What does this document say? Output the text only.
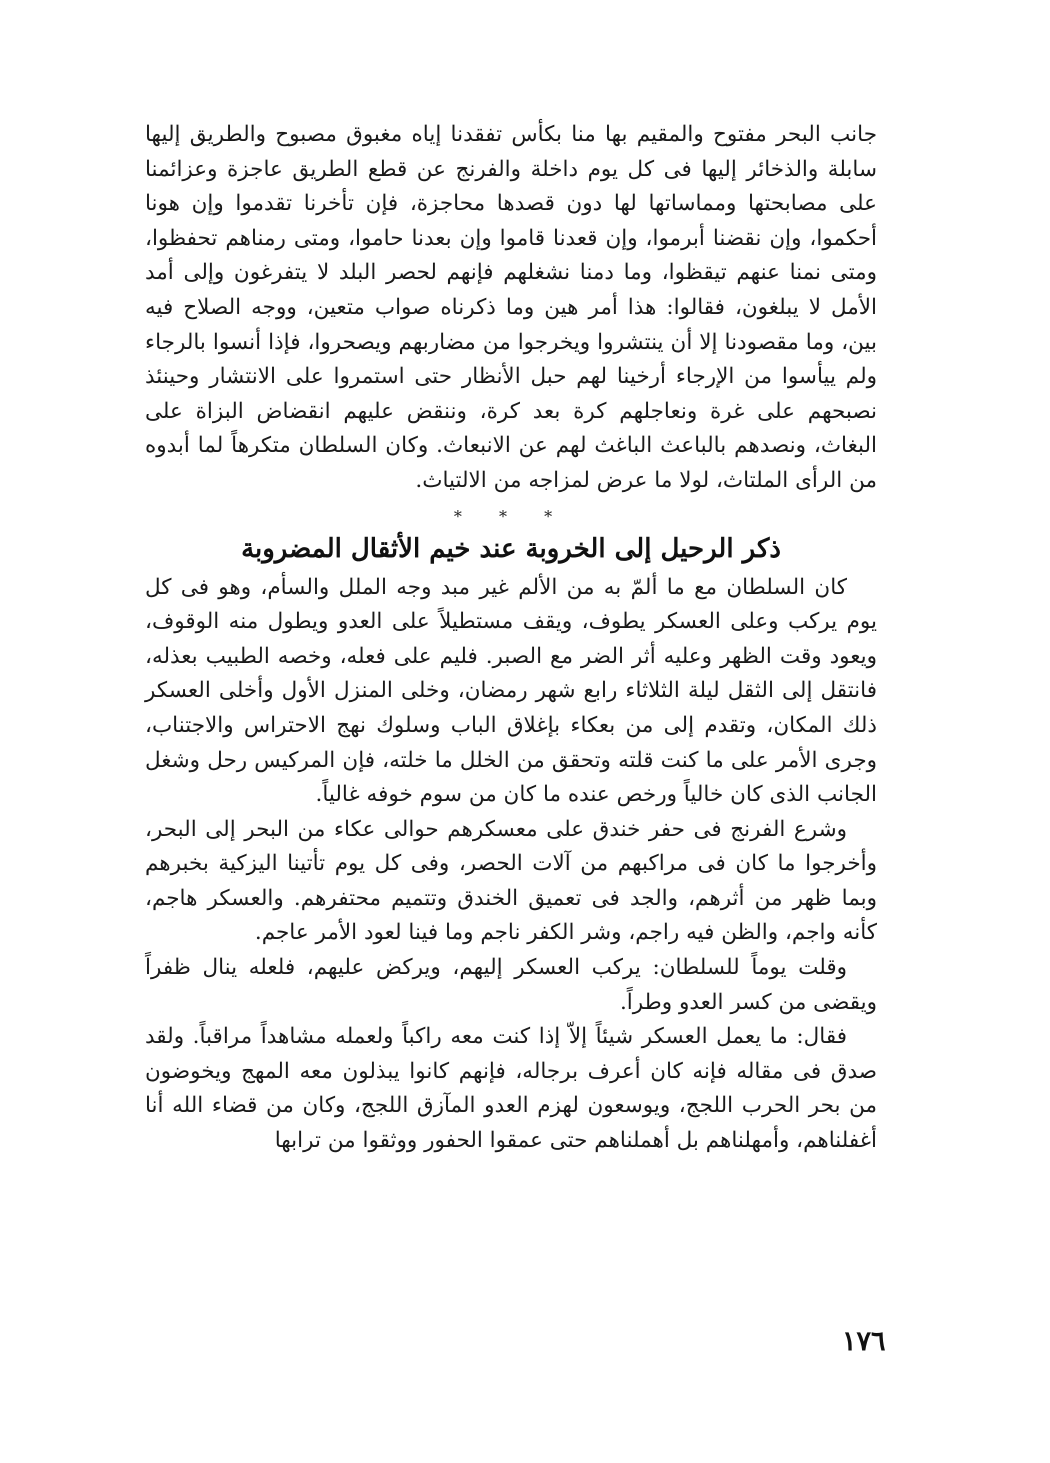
جانب البحر مفتوح والمقيم بها منا بكأس تفقدنا إياه مغبوق مصبوح والطريق إليها سابلة والذخائر إليها فى كل يوم داخلة والفرنج عن قطع الطريق عاجزة وعزائمنا على مصابحتها ومماساتها لها دون قصدها محاجزة، فإن تأخرنا تقدموا وإن هونا أحكموا، وإن نقضنا أبرموا، وإن قعدنا قاموا وإن بعدنا حاموا، ومتى رمناهم تحفظوا، ومتى نمنا عنهم تيقظوا، وما دمنا نشغلهم فإنهم لحصر البلد لا يتفرغون وإلى أمد الأمل لا يبلغون، فقالوا: هذا أمر هين وما ذكرناه صواب متعين، ووجه الصلاح فيه بين، وما مقصودنا إلا أن ينتشروا ويخرجوا من مضاربهم ويصحروا، فإذا أنسوا بالرجاء ولم ييأسوا من الإرجاء أرخينا لهم حبل الأنظار حتى استمروا على الانتشار وحينئذ نصبحهم على غرة ونعاجلهم كرة بعد كرة، وننقض عليهم انقضاض البزاة على البغاث، ونصدهم بالباعث الباغث لهم عن الانبعاث. وكان السلطان متكرهاً لما أبدوه من الرأى الملتاث، لولا ما عرض لمزاجه من الالتياث.

* * *
ذكر الرحيل إلى الخروبة عند خيم الأثقال المضروبة

كان السلطان مع ما ألمّ به من الألم غير مبد وجه الملل والسأم، وهو فى كل يوم يركب وعلى العسكر يطوف، ويقف مستطيلاً على العدو ويطول منه الوقوف، ويعود وقت الظهر وعليه أثر الضر مع الصبر. فليم على فعله، وخصه الطبيب بعذله، فانتقل إلى الثقل ليلة الثلاثاء رابع شهر رمضان، وخلى المنزل الأول وأخلى العسكر ذلك المكان، وتقدم إلى من بعكاء بإغلاق الباب وسلوك نهج الاحتراس والاجتناب، وجرى الأمر على ما كنت قلته وتحقق من الخلل ما خلته، فإن المركيس رحل وشغل الجانب الذى كان خالياً ورخص عنده ما كان من سوم خوفه غالياً.

وشرع الفرنج فى حفر خندق على معسكرهم حوالى عكاء من البحر إلى البحر، وأخرجوا ما كان فى مراكبهم من آلات الحصر، وفى كل يوم تأتينا اليزكية بخبرهم وبما ظهر من أثرهم، والجد فى تعميق الخندق وتتميم محتفرهم. والعسكر هاجم، كأنه واجم، والظن فيه راجم، وشر الكفر ناجم وما فينا لعود الأمر عاجم.

وقلت يوماً للسلطان: يركب العسكر إليهم، ويركض عليهم، فلعله ينال ظفراً ويقضى من كسر العدو وطراً.

فقال: ما يعمل العسكر شيئاً إلاّ إذا كنت معه راكباً ولعمله مشاهداً مراقباً. ولقد صدق فى مقاله فإنه كان أعرف برجاله، فإنهم كانوا يبذلون معه المهج ويخوضون من بحر الحرب اللجج، ويوسعون لهزم العدو المآزق اللجج، وكان من قضاء الله أنا أغفلناهم، وأمهلناهم بل أهملناهم حتى عمقوا الحفور ووثقوا من ترابها

١٧٦
